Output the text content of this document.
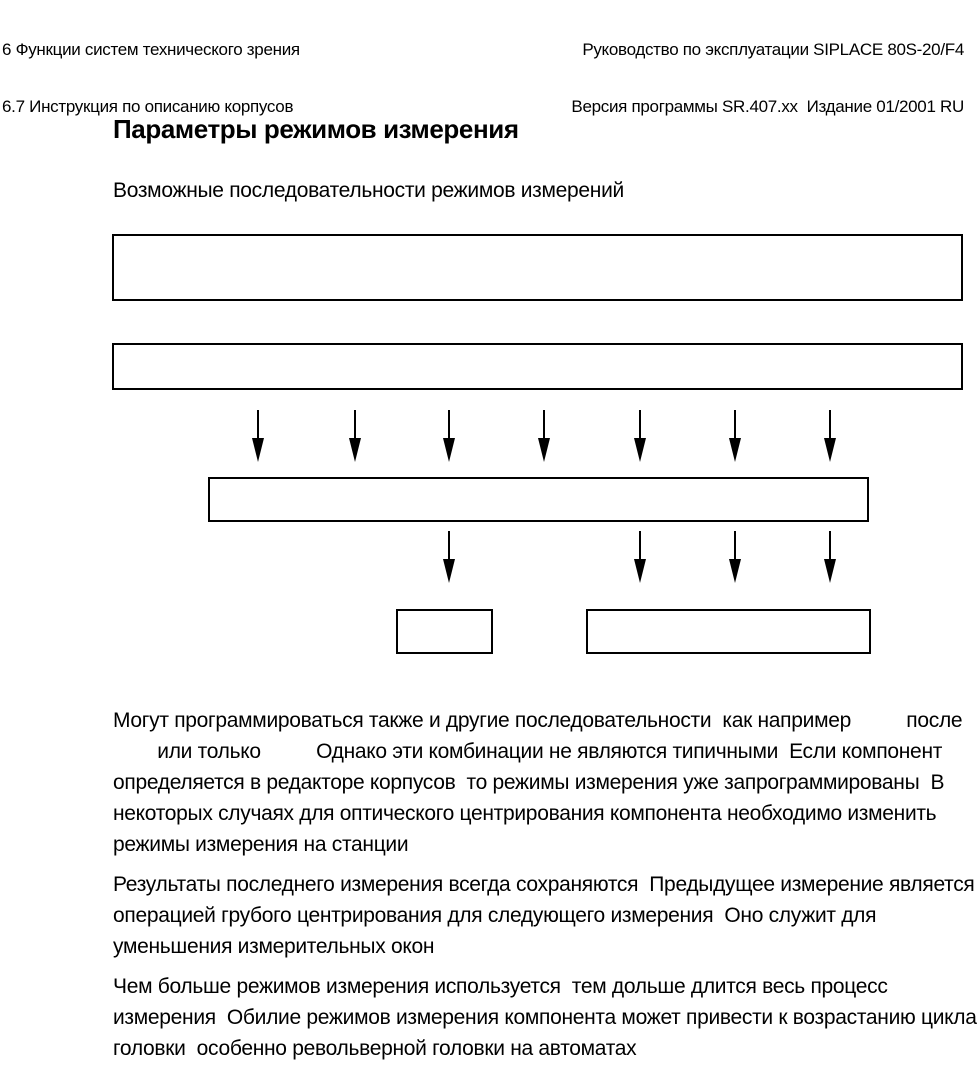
6 Функции систем технического зрения

6.7 Инструкция по описанию корпусов

Руководство по эксплуатации SIPLACE 80S-20/F4

Версия программы SR.407.xx  Издание 01/2001 RU

Параметры режимов измерения
Возможные последовательности режимов измерений

Могут программироваться также и другие последовательности  как например          после
или только          Однако эти комбинации не являются типичными  Если компонент
определяется в редакторе корпусов  то режимы измерения уже запрограммированы  В
некоторых случаях для оптического центрирования компонента необходимо изменить
режимы измерения на станции

Результаты последнего измерения всегда сохраняются  Предыдущее измерение является
операцией грубого центрирования для следующего измерения  Оно служит для
уменьшения измерительных окон

Чем больше режимов измерения используется  тем дольше длится весь процесс
измерения  Обилие режимов измерения компонента может привести к возрастанию цикла
головки  особенно револьверной головки на автоматах
